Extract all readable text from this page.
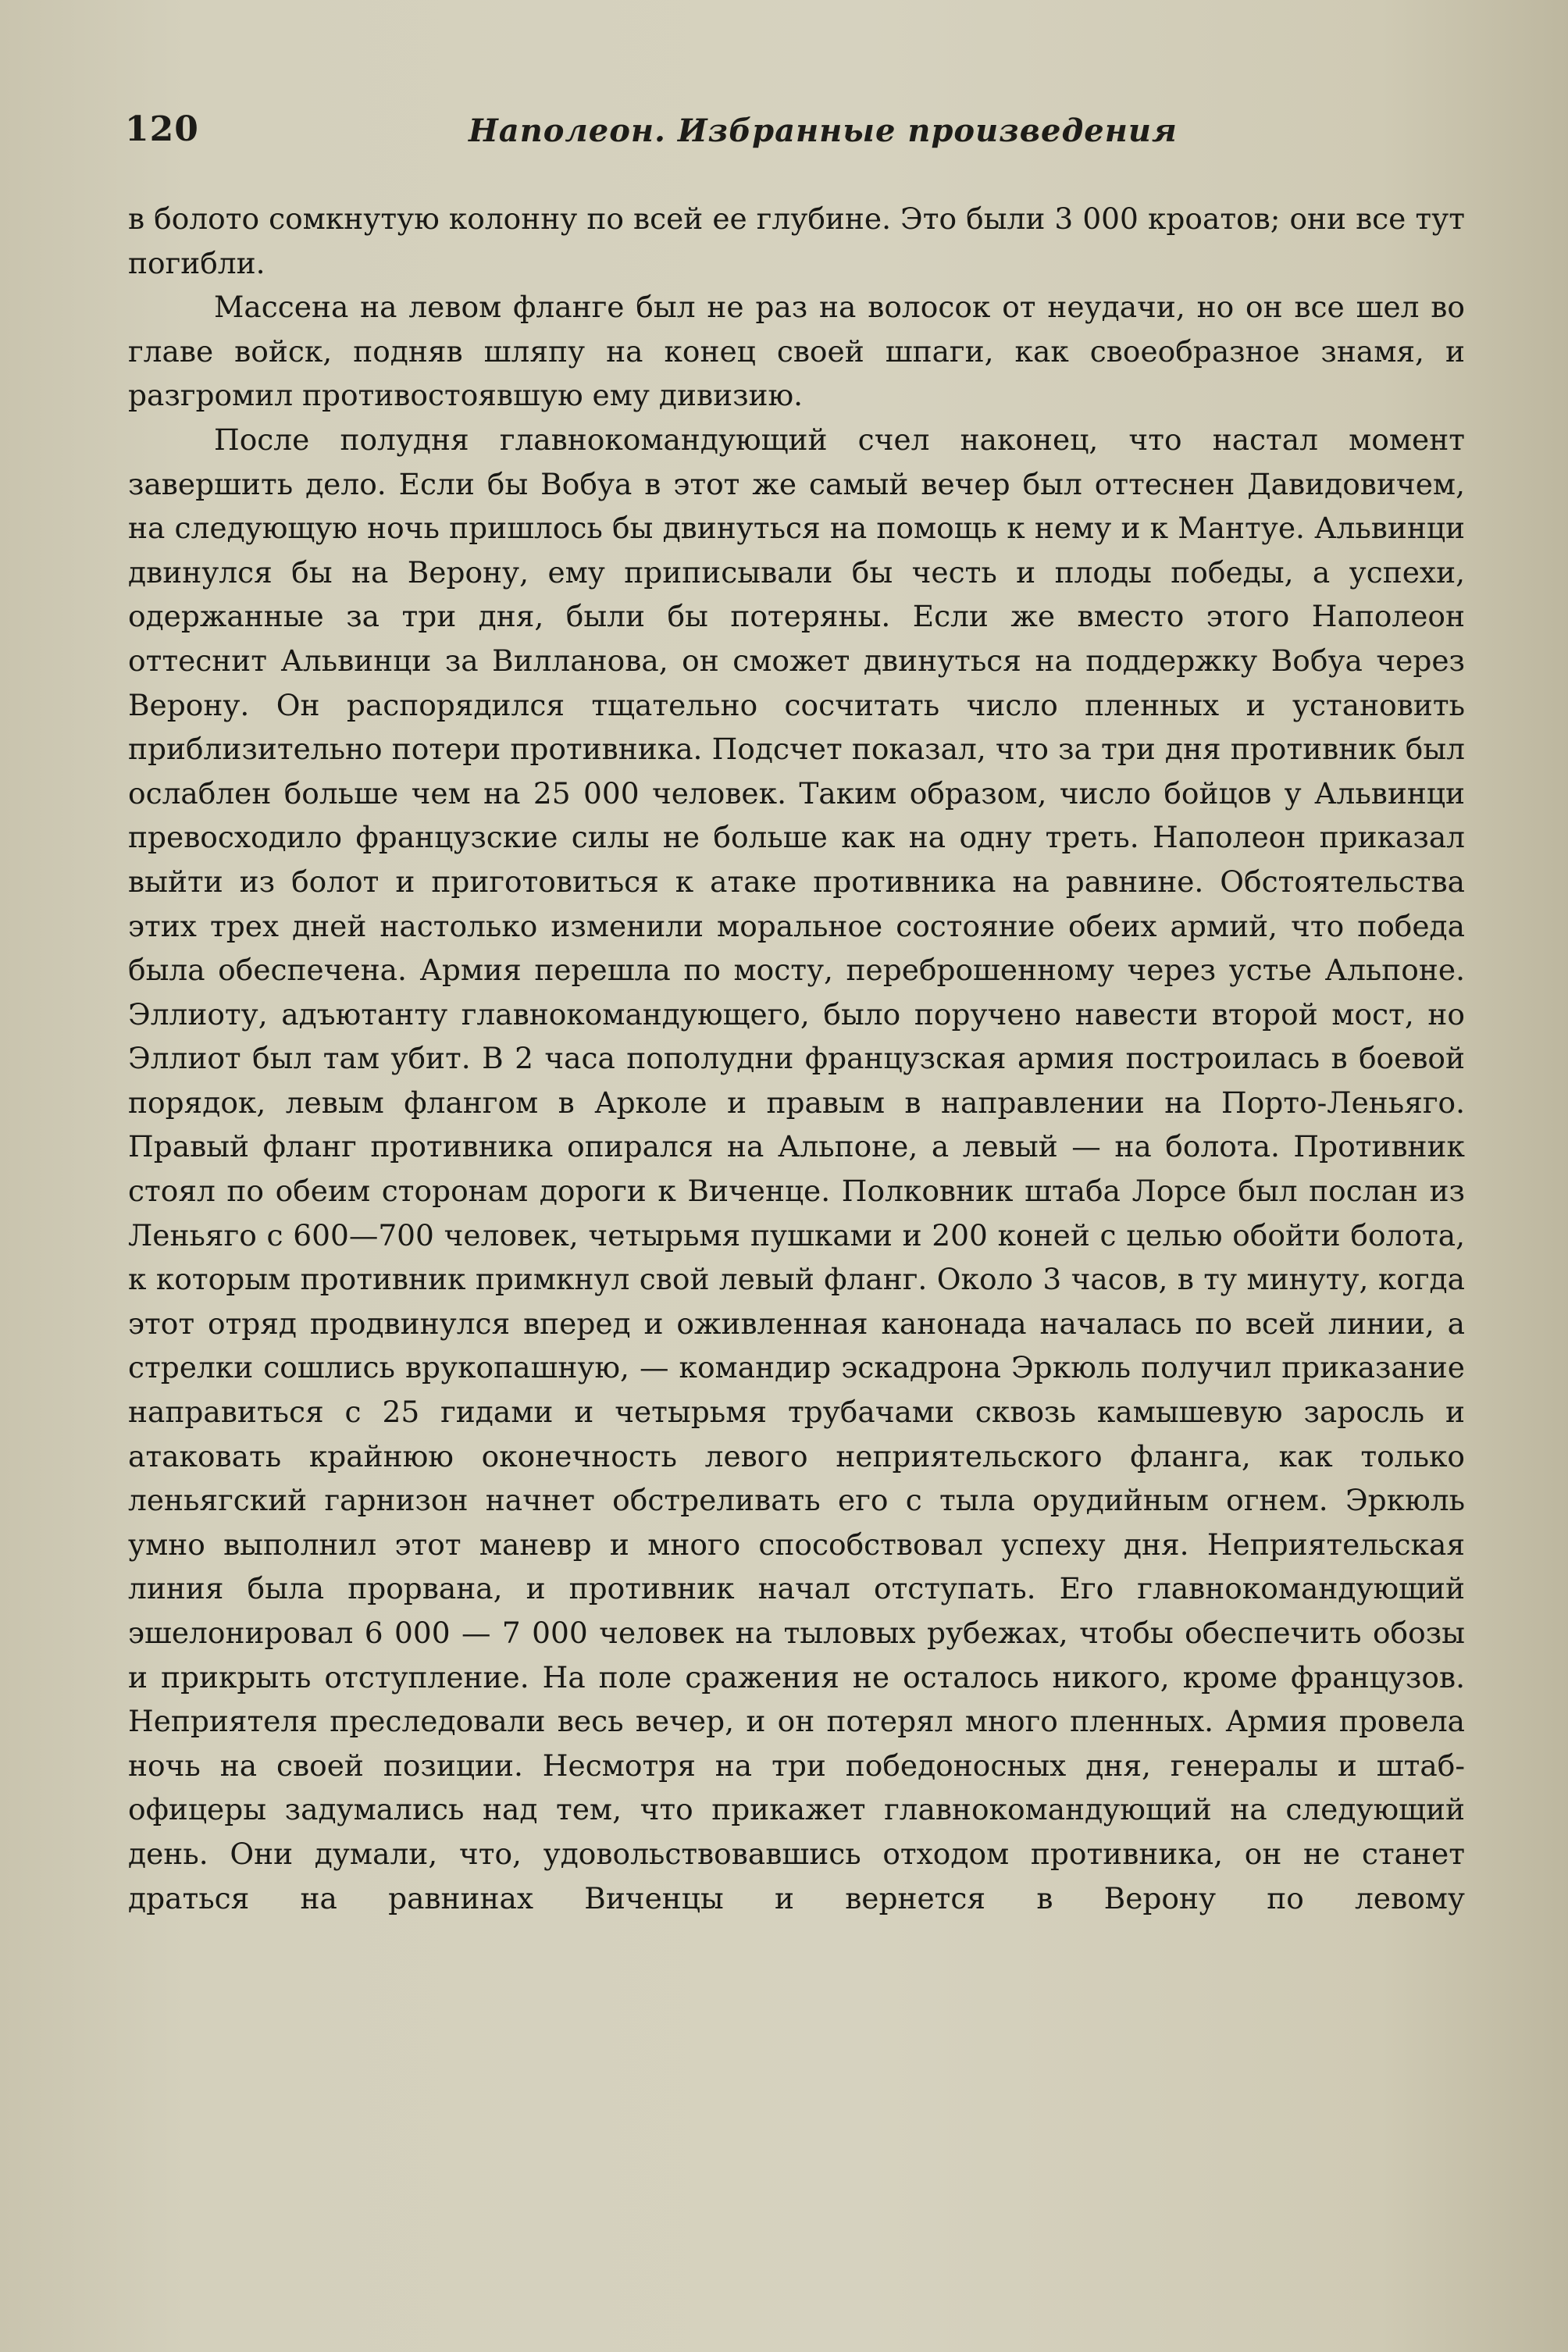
120	Наполеон. Избранные произведения

в болото сомкнутую колонну по всей ее глубине. Это были 3 000 кроатов; они все тут погибли.

Массена на левом фланге был не раз на волосок от неудачи, но он все шел во главе войск, подняв шляпу на конец своей шпаги, как своеобразное знамя, и разгромил противостоявшую ему дивизию.

После полудня главнокомандующий счел наконец, что настал момент завершить дело. Если бы Вобуа в этот же самый вечер был оттеснен Давидовичем, на следующую ночь пришлось бы двинуться на помощь к нему и к Мантуе. Альвинци двинулся бы на Верону, ему приписывали бы честь и плоды победы, а успехи, одержанные за три дня, были бы потеряны. Если же вместо этого Наполеон оттеснит Альвинци за Вилланова, он сможет двинуться на поддержку Вобуа через Верону. Он распорядился тщательно сосчитать число пленных и установить приблизительно потери противника. Подсчет показал, что за три дня противник был ослаблен больше чем на 25 000 человек. Таким образом, число бойцов у Альвинци превосходило французские силы не больше как на одну треть. Наполеон приказал выйти из болот и приготовиться к атаке противника на равнине. Обстоятельства этих трех дней настолько изменили моральное состояние обеих армий, что победа была обеспечена. Армия перешла по мосту, переброшенному через устье Альпоне. Эллиоту, адъютанту главнокомандующего, было поручено навести второй мост, но Эллиот был там убит. В 2 часа пополудни французская армия построилась в боевой порядок, левым флангом в Арколе и правым в направлении на Порто-Леньяго. Правый фланг противника опирался на Альпоне, а левый — на болота. Противник стоял по обеим сторонам дороги к Виченце. Полковник штаба Лорсе был послан из Леньяго с 600—700 человек, четырьмя пушками и 200 коней с целью обойти болота, к которым противник примкнул свой левый фланг. Около 3 часов, в ту минуту, когда этот отряд продвинулся вперед и оживленная канонада началась по всей линии, а стрелки сошлись врукопашную, — командир эскадрона Эркюль получил приказание направиться с 25 гидами и четырьмя трубачами сквозь камышевую заросль и атаковать крайнюю оконечность левого неприятельского фланга, как только леньягский гарнизон начнет обстреливать его с тыла орудийным огнем. Эркюль умно выполнил этот маневр и много способствовал успеху дня. Неприятельская линия была прорвана, и противник начал отступать. Его главнокомандующий эшелонировал 6 000 — 7 000 человек на тыловых рубежах, чтобы обеспечить обозы и прикрыть отступление. На поле сражения не осталось никого, кроме французов. Неприятеля преследовали весь вечер, и он потерял много пленных. Армия провела ночь на своей позиции. Несмотря на три победоносных дня, генералы и штаб-офицеры задумались над тем, что прикажет главнокомандующий на следующий день. Они думали, что, удовольствовавшись отходом противника, он не станет драться на равнинах Виченцы и вернется в Верону по левому
